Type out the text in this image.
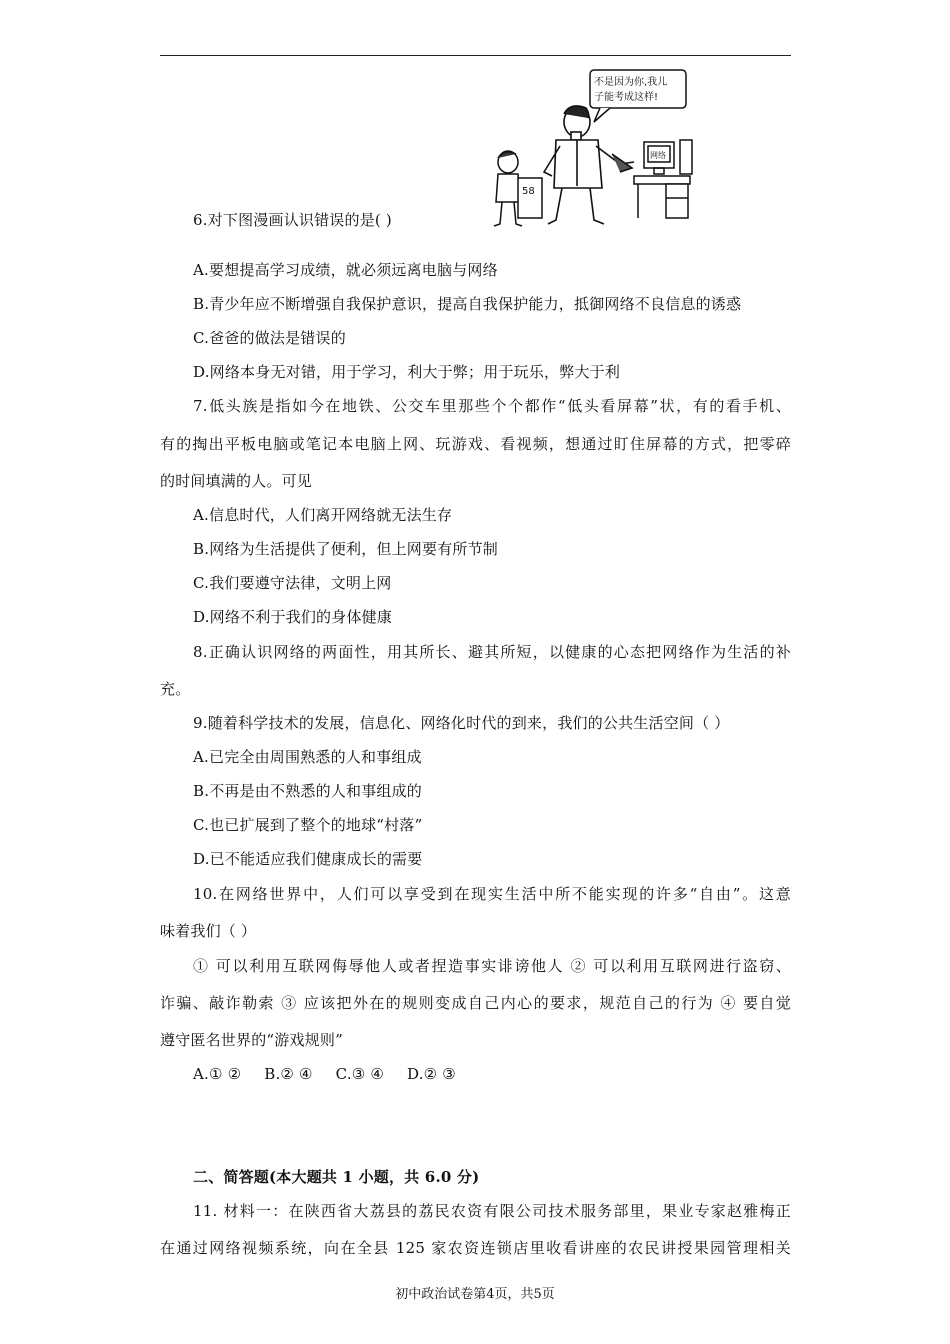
不是因为你,我儿
子能考成这样!
58
网络
6.对下图漫画认识错误的是( )
A.要想提高学习成绩，就必须远离电脑与网络
B.青少年应不断增强自我保护意识，提高自我保护能力，抵御网络不良信息的诱惑
C.爸爸的做法是错误的
D.网络本身无对错，用于学习，利大于弊；用于玩乐，弊大于利
7.低头族是指如今在地铁、公交车里那些个个都作“低头看屏幕”状，有的看手机、
有的掏出平板电脑或笔记本电脑上网、玩游戏、看视频，想通过盯住屏幕的方式，把零碎
的时间填满的人。可见
A.信息时代，人们离开网络就无法生存
B.网络为生活提供了便利，但上网要有所节制
C.我们要遵守法律，文明上网
D.网络不利于我们的身体健康
8.正确认识网络的两面性，用其所长、避其所短，以健康的心态把网络作为生活的补
充。
9.随着科学技术的发展，信息化、网络化时代的到来，我们的公共生活空间（ ）
A.已完全由周围熟悉的人和事组成
B.不再是由不熟悉的人和事组成的
C.也已扩展到了整个的地球“村落”
D.已不能适应我们健康成长的需要
10.在网络世界中，人们可以享受到在现实生活中所不能实现的许多“自由”。这意
味着我们（ ）
① 可以利用互联网侮辱他人或者捏造事实诽谤他人 ② 可以利用互联网进行盗窃、
诈骗、敲诈勒索 ③ 应该把外在的规则变成自己内心的要求，规范自己的行为 ④ 要自觉
遵守匿名世界的“游戏规则”
A.① ② B.② ④ C.③ ④ D.② ③
二、简答题(本大题共 1 小题，共 6.0 分)
11. 材料一：在陕西省大荔县的荔民农资有限公司技术服务部里，果业专家赵雅梅正
在通过网络视频系统，向在全县 125 家农资连锁店里收看讲座的农民讲授果园管理相关
初中政治试卷第4页，共5页
